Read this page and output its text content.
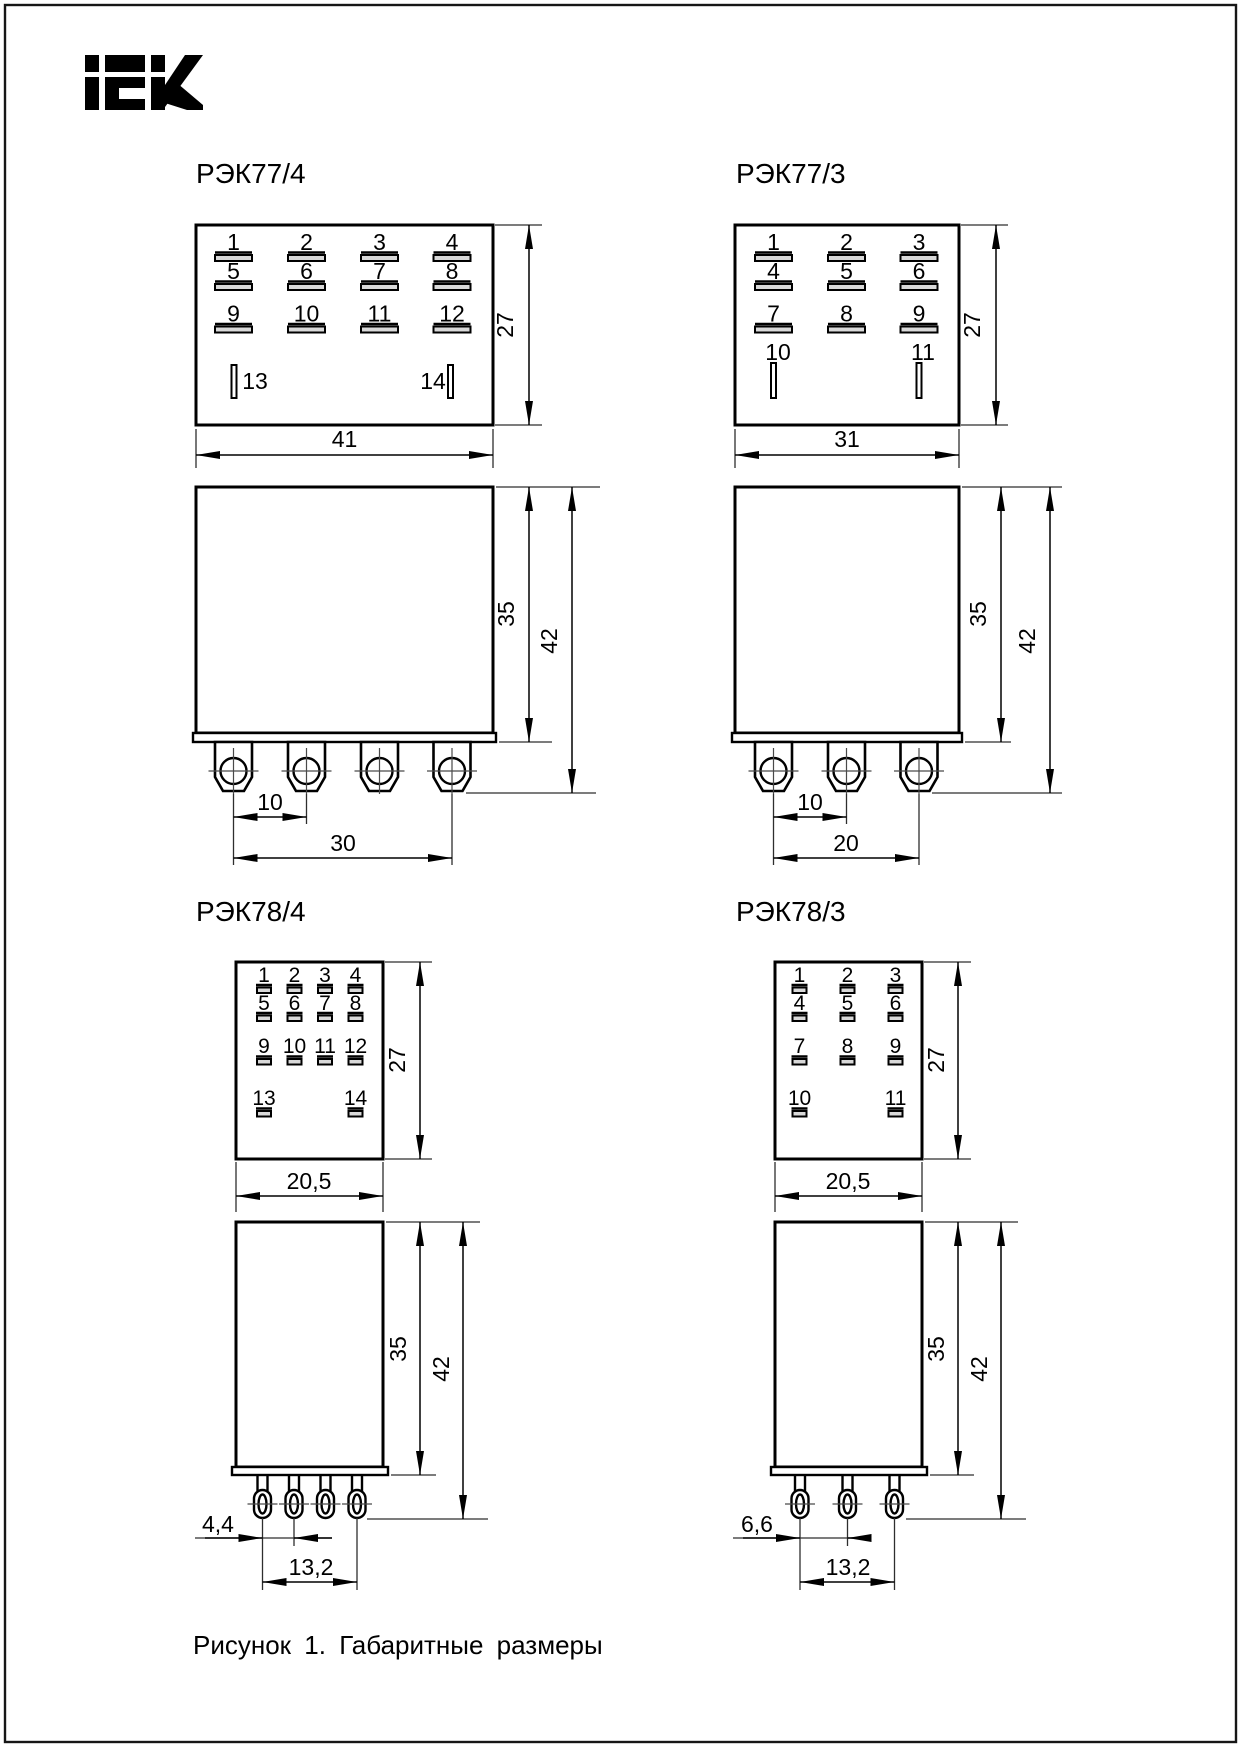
РЭК77/4
1	2	3	4
5	6	7	8
9 10 11 12
13	14
27
41
10
30
35
42
РЭК77/3
1	2	3
4	5	6
7	8	9
10	11
27
31
10
20
35
42
РЭК78/4
1 2 3 4
5 6 7 8
9 10 11 12
13	14
27
20,5
4,4
13,2
35
42
РЭК78/3
1 2 3
4 5 6
7 8 9
10	11
27
20,5
6,6
13,2
35
42
Рисунок 1. Габаритные размеры
